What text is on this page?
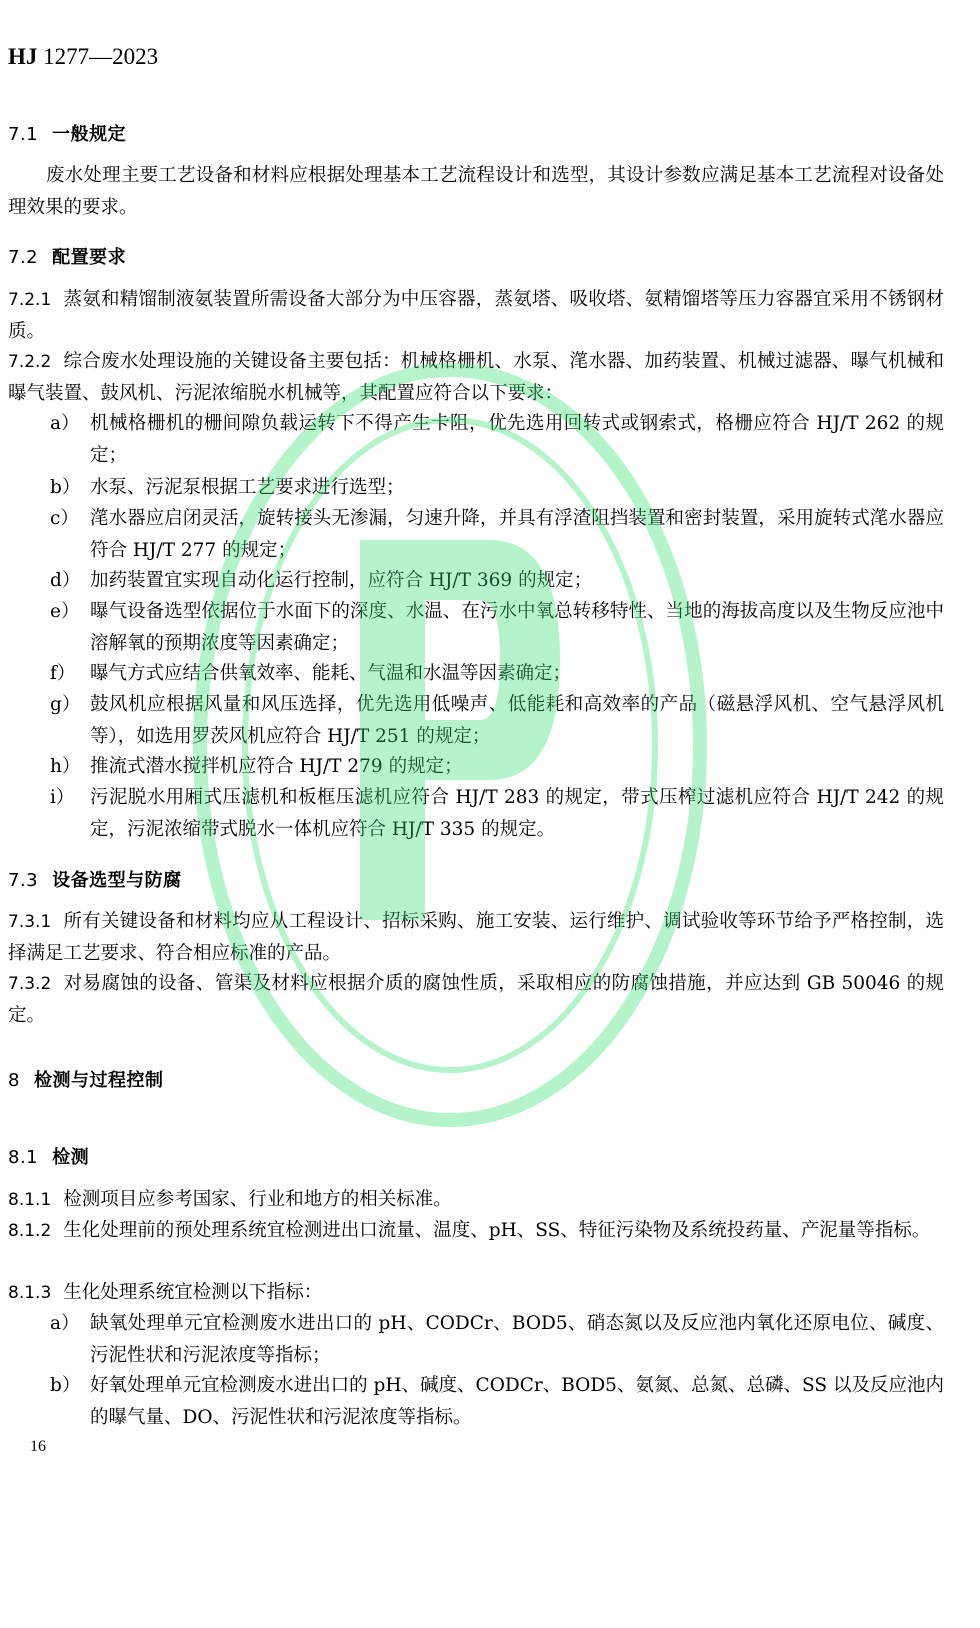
HJ 1277—2023
7.1 一般规定
废水处理主要工艺设备和材料应根据处理基本工艺流程设计和选型，其设计参数应满足基本工艺流程对设备处理效果的要求。
7.2 配置要求
7.2.1 蒸氨和精馏制液氨装置所需设备大部分为中压容器，蒸氨塔、吸收塔、氨精馏塔等压力容器宜采用不锈钢材质。
7.2.2 综合废水处理设施的关键设备主要包括：机械格栅机、水泵、滗水器、加药装置、机械过滤器、曝气机械和曝气装置、鼓风机、污泥浓缩脱水机械等，其配置应符合以下要求：
a） 机械格栅机的栅间隙负载运转下不得产生卡阻，优先选用回转式或钢索式，格栅应符合 HJ/T 262 的规定；
b） 水泵、污泥泵根据工艺要求进行选型；
c） 滗水器应启闭灵活，旋转接头无渗漏，匀速升降，并具有浮渣阻挡装置和密封装置，采用旋转式滗水器应符合 HJ/T 277 的规定；
d） 加药装置宜实现自动化运行控制，应符合 HJ/T 369 的规定；
e） 曝气设备选型依据位于水面下的深度、水温、在污水中氧总转移特性、当地的海拔高度以及生物反应池中溶解氧的预期浓度等因素确定；
f） 曝气方式应结合供氧效率、能耗、气温和水温等因素确定；
g） 鼓风机应根据风量和风压选择，优先选用低噪声、低能耗和高效率的产品（磁悬浮风机、空气悬浮风机等），如选用罗茨风机应符合 HJ/T 251 的规定；
h） 推流式潜水搅拌机应符合 HJ/T 279 的规定；
i） 污泥脱水用厢式压滤机和板框压滤机应符合 HJ/T 283 的规定，带式压榨过滤机应符合 HJ/T 242 的规定，污泥浓缩带式脱水一体机应符合 HJ/T 335 的规定。
7.3 设备选型与防腐
7.3.1 所有关键设备和材料均应从工程设计、招标采购、施工安装、运行维护、调试验收等环节给予严格控制，选择满足工艺要求、符合相应标准的产品。
7.3.2 对易腐蚀的设备、管渠及材料应根据介质的腐蚀性质，采取相应的防腐蚀措施，并应达到 GB 50046 的规定。
8 检测与过程控制
8.1 检测
8.1.1 检测项目应参考国家、行业和地方的相关标准。
8.1.2 生化处理前的预处理系统宜检测进出口流量、温度、pH、SS、特征污染物及系统投药量、产泥量等指标。
8.1.3 生化处理系统宜检测以下指标：
a） 缺氧处理单元宜检测废水进出口的 pH、CODCr、BOD5、硝态氮以及反应池内氧化还原电位、碱度、污泥性状和污泥浓度等指标；
b） 好氧处理单元宜检测废水进出口的 pH、碱度、CODCr、BOD5、氨氮、总氮、总磷、SS 以及反应池内的曝气量、DO、污泥性状和污泥浓度等指标。
16
